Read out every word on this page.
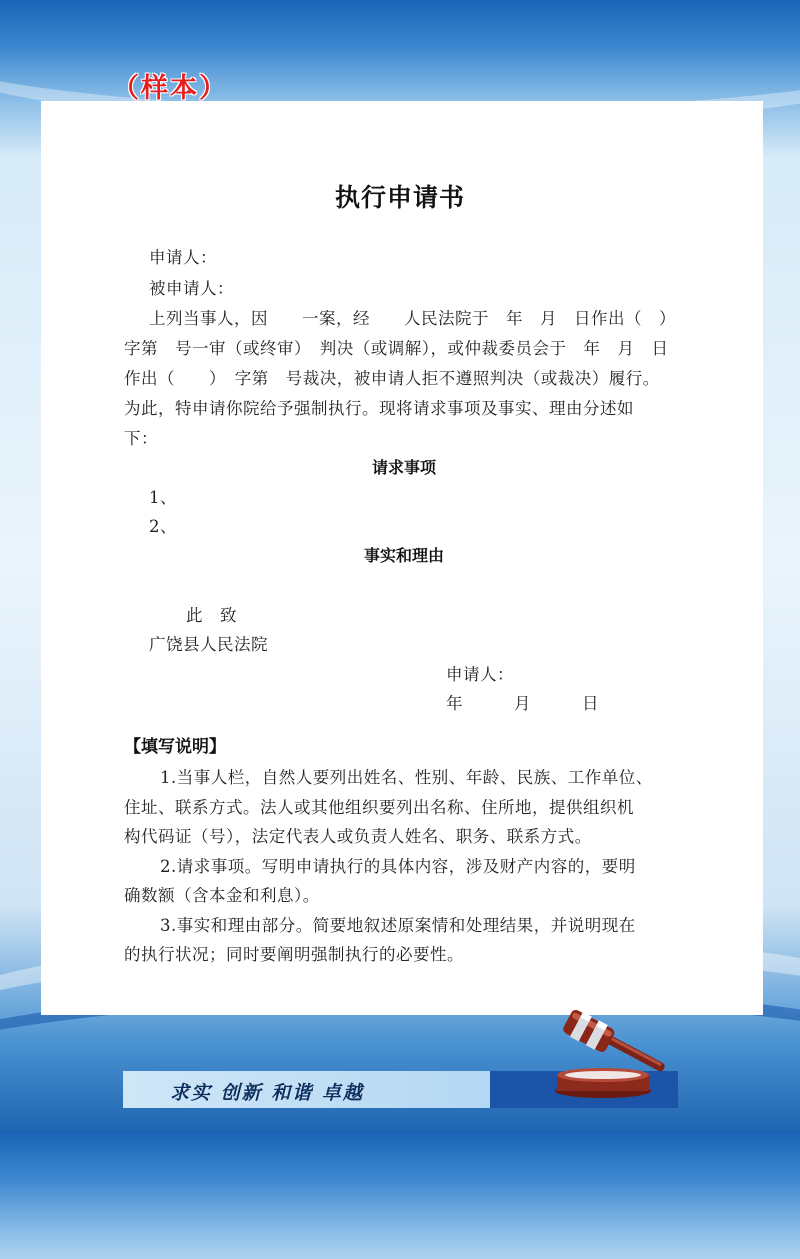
（样本）
执行申请书
申请人：
被申请人：
上列当事人，因　　一案，经　　人民法院于　年　月　日作出（　）
字第　号一审（或终审）　判决（或调解），或仲裁委员会于　年　月　日
作出（　　）　字第　号裁决，被申请人拒不遵照判决（或裁决）履行。
为此，特申请你院给予强制执行。现将请求事项及事实、理由分述如
下：
请求事项
1、
2、
事实和理由
此　致
广饶县人民法院
申请人：
年　　　月　　　日
【填写说明】
1.当事人栏，自然人要列出姓名、性别、年龄、民族、工作单位、
住址、联系方式。法人或其他组织要列出名称、住所地，提供组织机
构代码证（号），法定代表人或负责人姓名、职务、联系方式。
2.请求事项。写明申请执行的具体内容，涉及财产内容的，要明
确数额（含本金和利息）。
3.事实和理由部分。简要地叙述原案情和处理结果，并说明现在
的执行状况；同时要阐明强制执行的必要性。
求实 创新 和谐 卓越
